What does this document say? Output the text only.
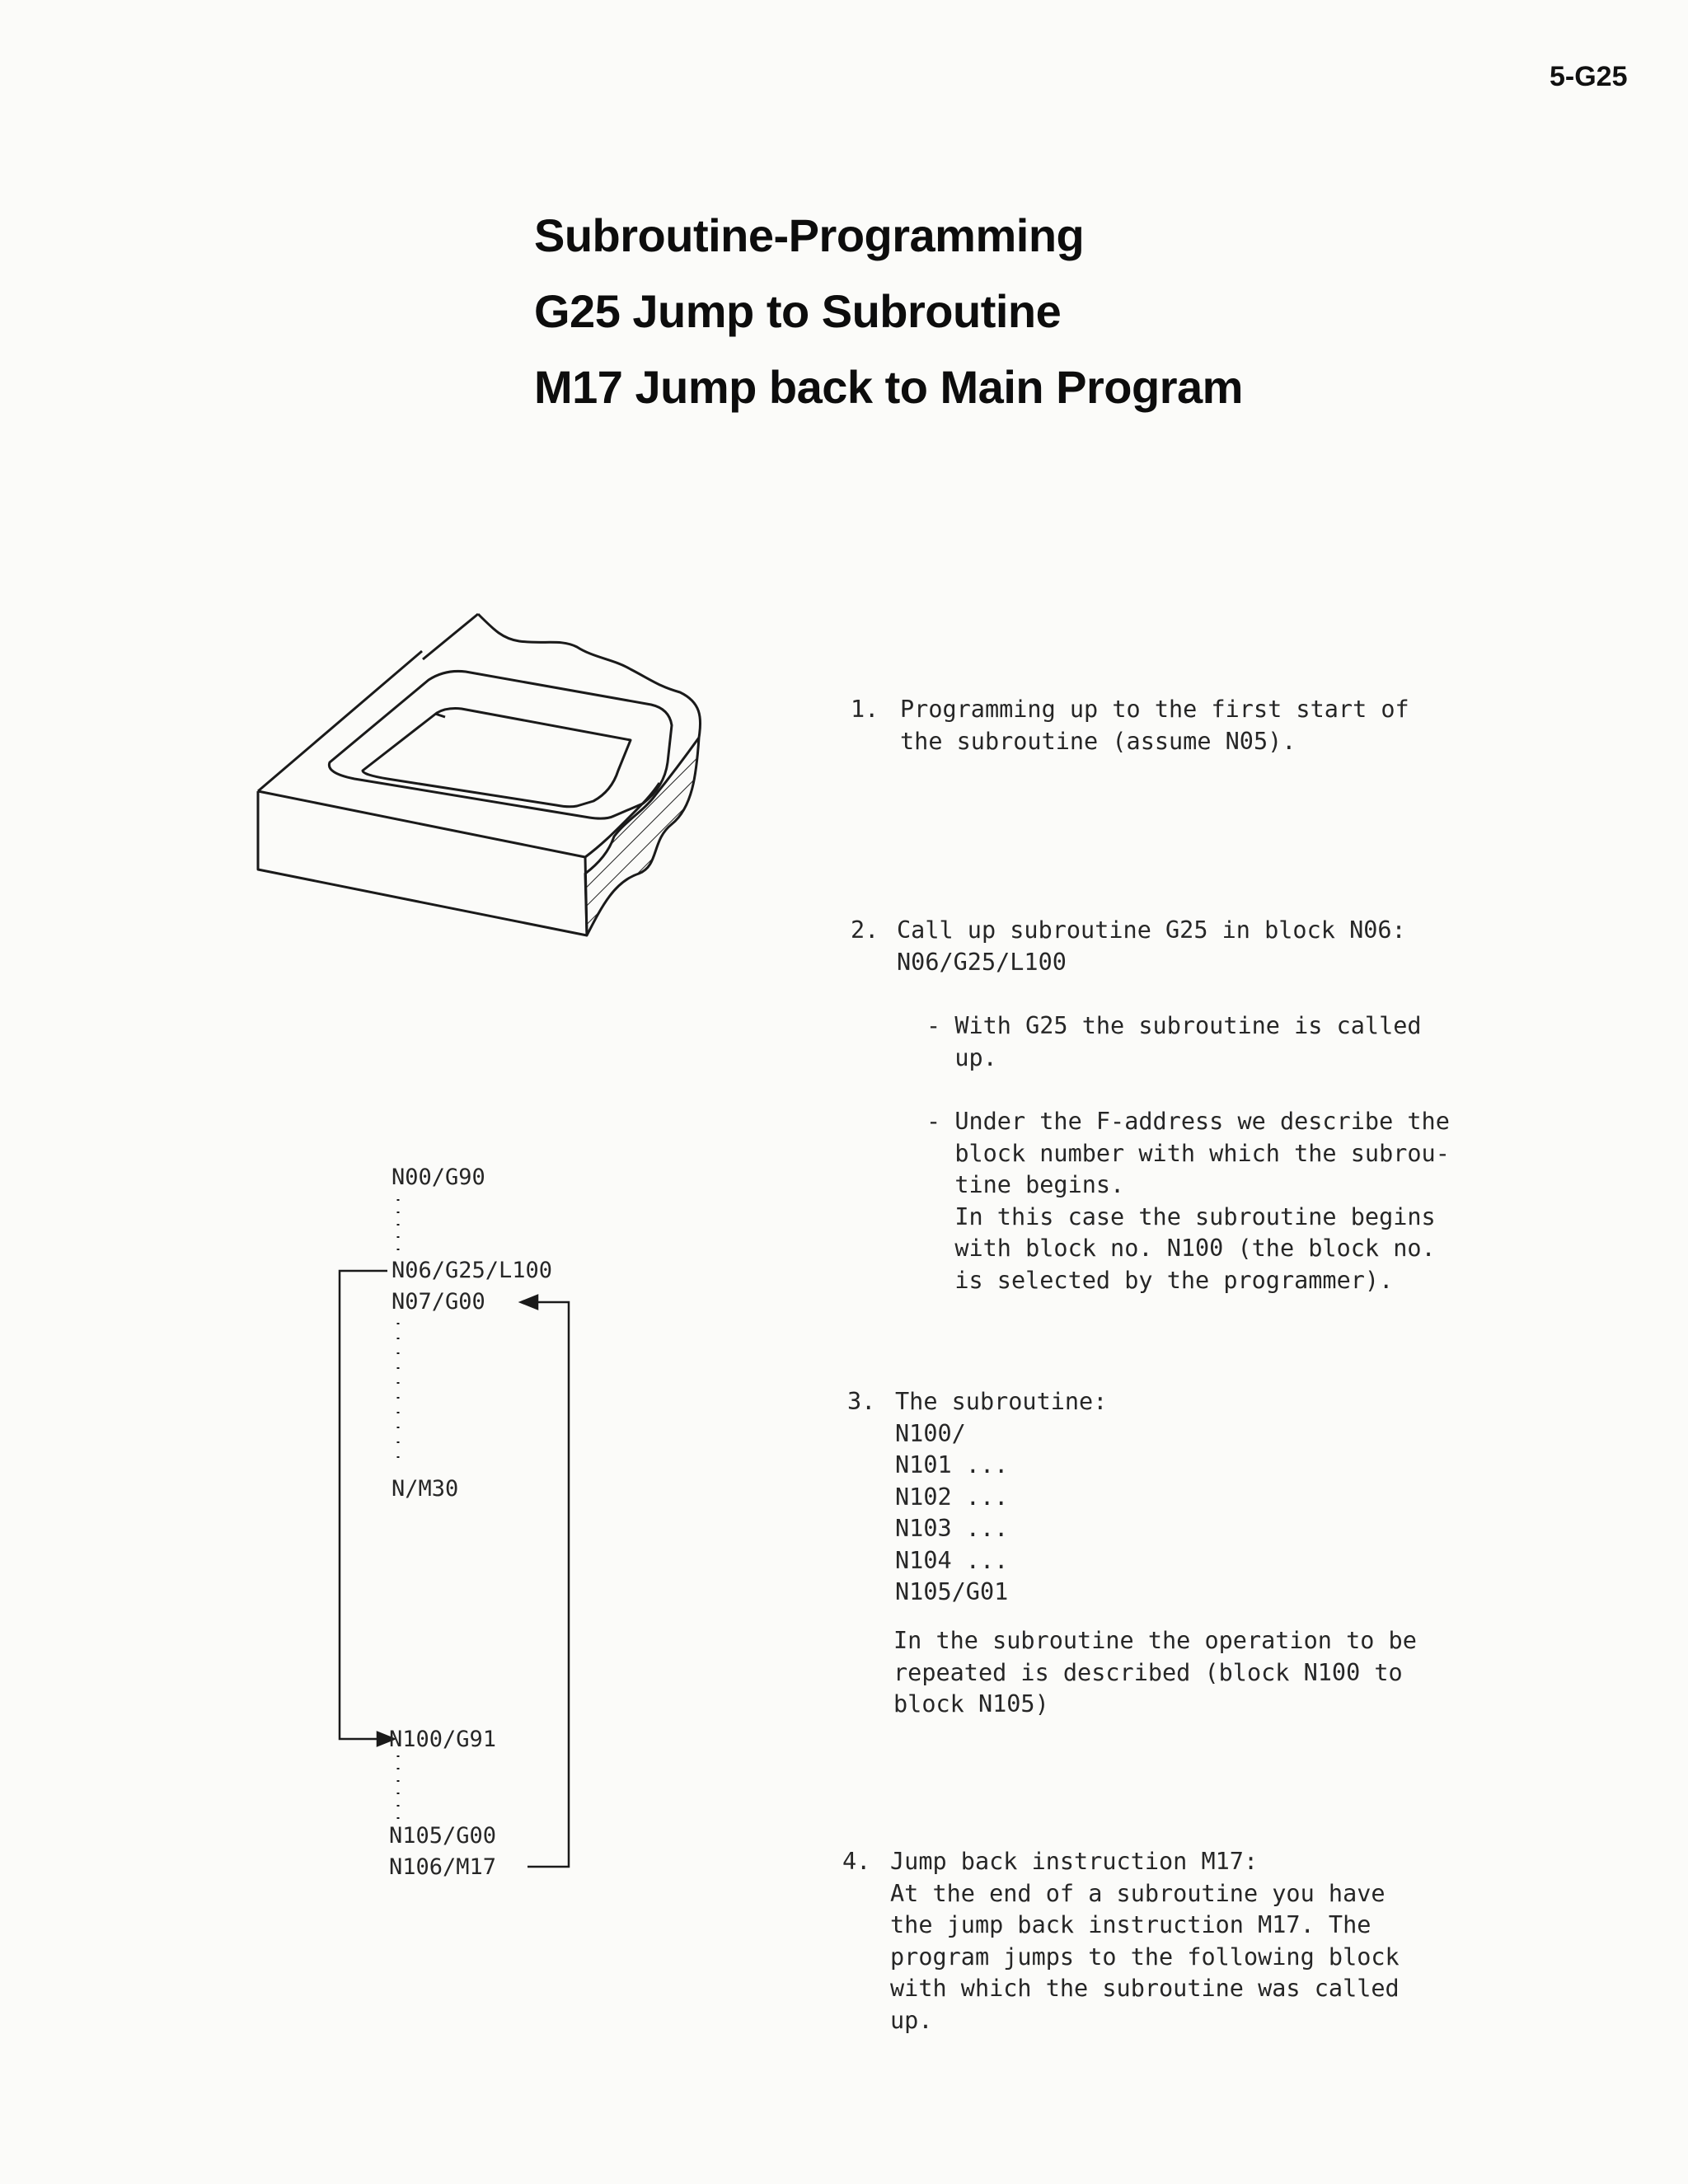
5-G25
Subroutine-Programming
G25 Jump to Subroutine
M17 Jump back to Main Program
N00/G90
N06/G25/L100
N07/G00
N/M30
N100/G91
N105/G00
N106/M17
1. Programming up to the first start of
the subroutine (assume N05).
2. Call up subroutine G25 in block N06:
N06/G25/L100
- With G25 the subroutine is called
up.
- Under the F-address we describe the
block number with which the subrou-
tine begins.
In this case the subroutine begins
with block no. N100 (the block no.
is selected by the programmer).
3. The subroutine:
N100/
N101 ...
N102 ...
N103 ...
N104 ...
N105/G01
In the subroutine the operation to be
repeated is described (block N100 to
block N105)
4. Jump back instruction M17:
At the end of a subroutine you have
the jump back instruction M17. The
program jumps to the following block
with which the subroutine was called
up.
